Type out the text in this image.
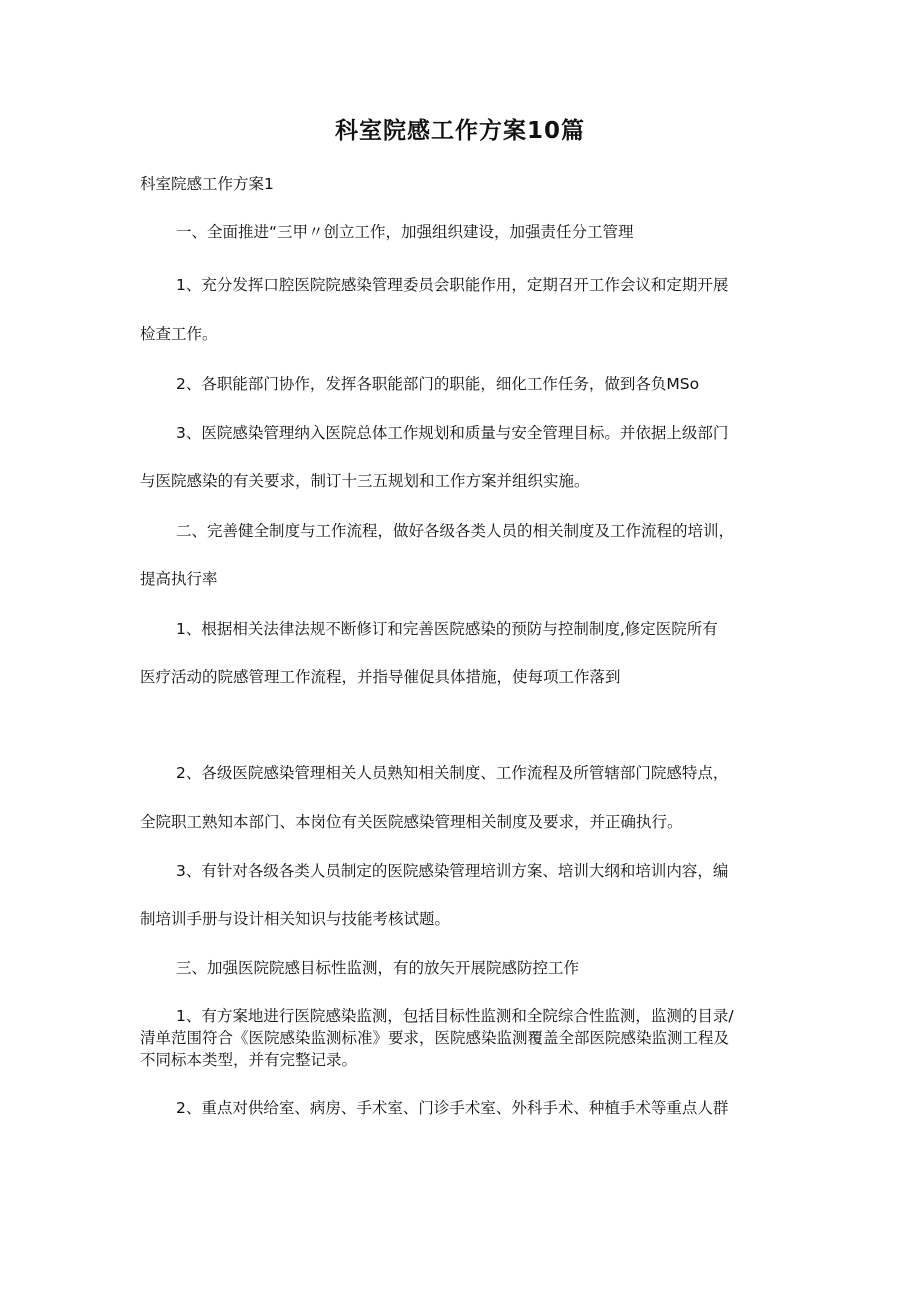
科室院感工作方案10篇

科室院感工作方案1

一、全面推进“三甲〃创立工作，加强组织建设，加强责任分工管理

1、充分发挥口腔医院院感染管理委员会职能作用，定期召开工作会议和定期开展

检查工作。

2、各职能部门协作，发挥各职能部门的职能，细化工作任务，做到各负MSo

3、医院感染管理纳入医院总体工作规划和质量与安全管理目标。并依据上级部门

与医院感染的有关要求，制订十三五规划和工作方案并组织实施。

二、完善健全制度与工作流程，做好各级各类人员的相关制度及工作流程的培训，

提高执行率

1、根据相关法律法规不断修订和完善医院感染的预防与控制制度,修定医院所有

医疗活动的院感管理工作流程，并指导催促具体措施，使每项工作落到

2、各级医院感染管理相关人员熟知相关制度、工作流程及所管辖部门院感特点，

全院职工熟知本部门、本岗位有关医院感染管理相关制度及要求，并正确执行。

3、有针对各级各类人员制定的医院感染管理培训方案、培训大纲和培训内容，编

制培训手册与设计相关知识与技能考核试题。

三、加强医院院感目标性监测，有的放矢开展院感防控工作

1、有方案地进行医院感染监测，包括目标性监测和全院综合性监测，监测的目录/

清单范围符合《医院感染监测标准》要求，医院感染监测覆盖全部医院感染监测工程及

不同标本类型，并有完整记录。

2、重点对供给室、病房、手术室、门诊手术室、外科手术、种植手术等重点人群
